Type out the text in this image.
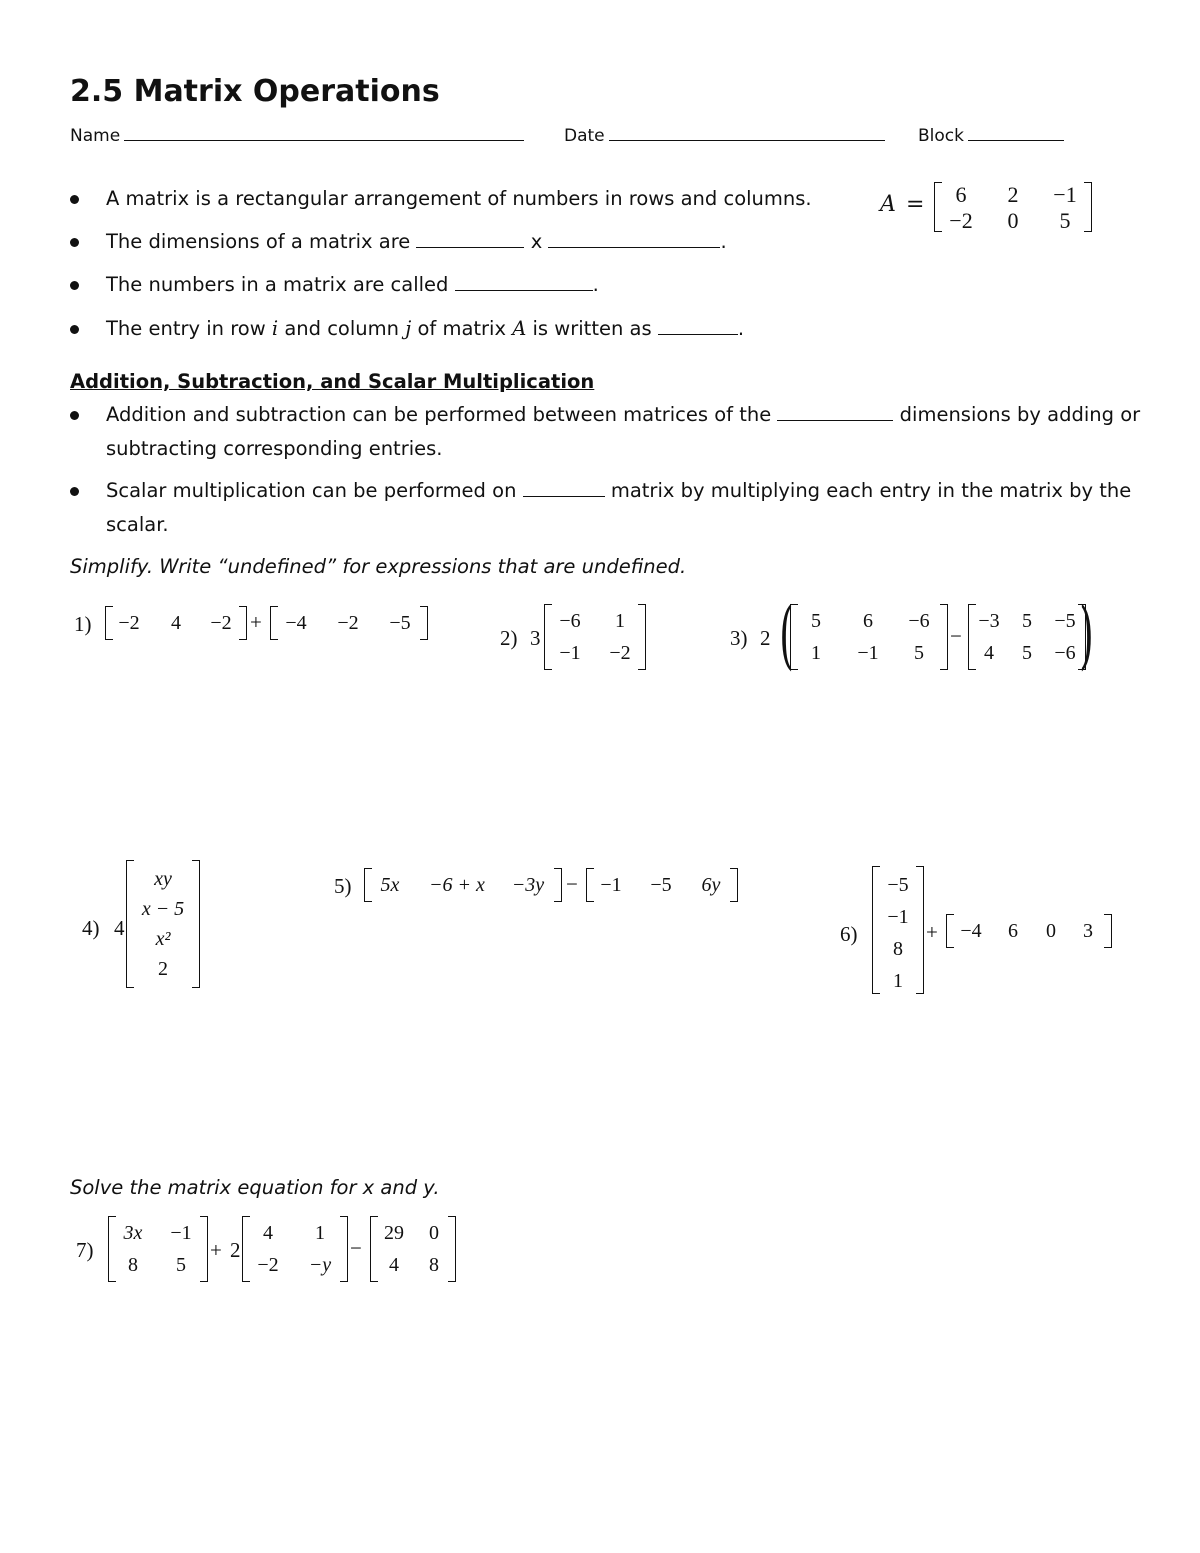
2.5 Matrix Operations
Name	Date	Block
A matrix is a rectangular arrangement of numbers in rows and columns.
The dimensions of a matrix are	x	.
The numbers in a matrix are called	.
The entry in row i and column j of matrix A is written as	.
A =	6	2	−1
−2	0	5
Addition, Subtraction, and Scalar Multiplication
Addition and subtraction can be performed between matrices of the	dimensions by adding or
subtracting corresponding entries.
Scalar multiplication can be performed on	matrix by multiplying each entry in the matrix by the
scalar.
Simplify. Write “undefined” for expressions that are undefined.
1)	−2	4	−2 +	−4	−2	−5
2) 3
−6	1
−1	−2
3) 2 ( 5	6	−6
1	−1	5
−
−3	5	−5
4	5	−6 )
4) 4
xy
x − 5
x²
2
5)	5x	−6 + x	−3y	−	−1	−5	6y
6)
−5
−1
8
1
+	−4	6	0	3
Solve the matrix equation for x and y.
7)
3x	−1
8	5
+ 2
4	1
−2	−y
−
29	0
4	8
